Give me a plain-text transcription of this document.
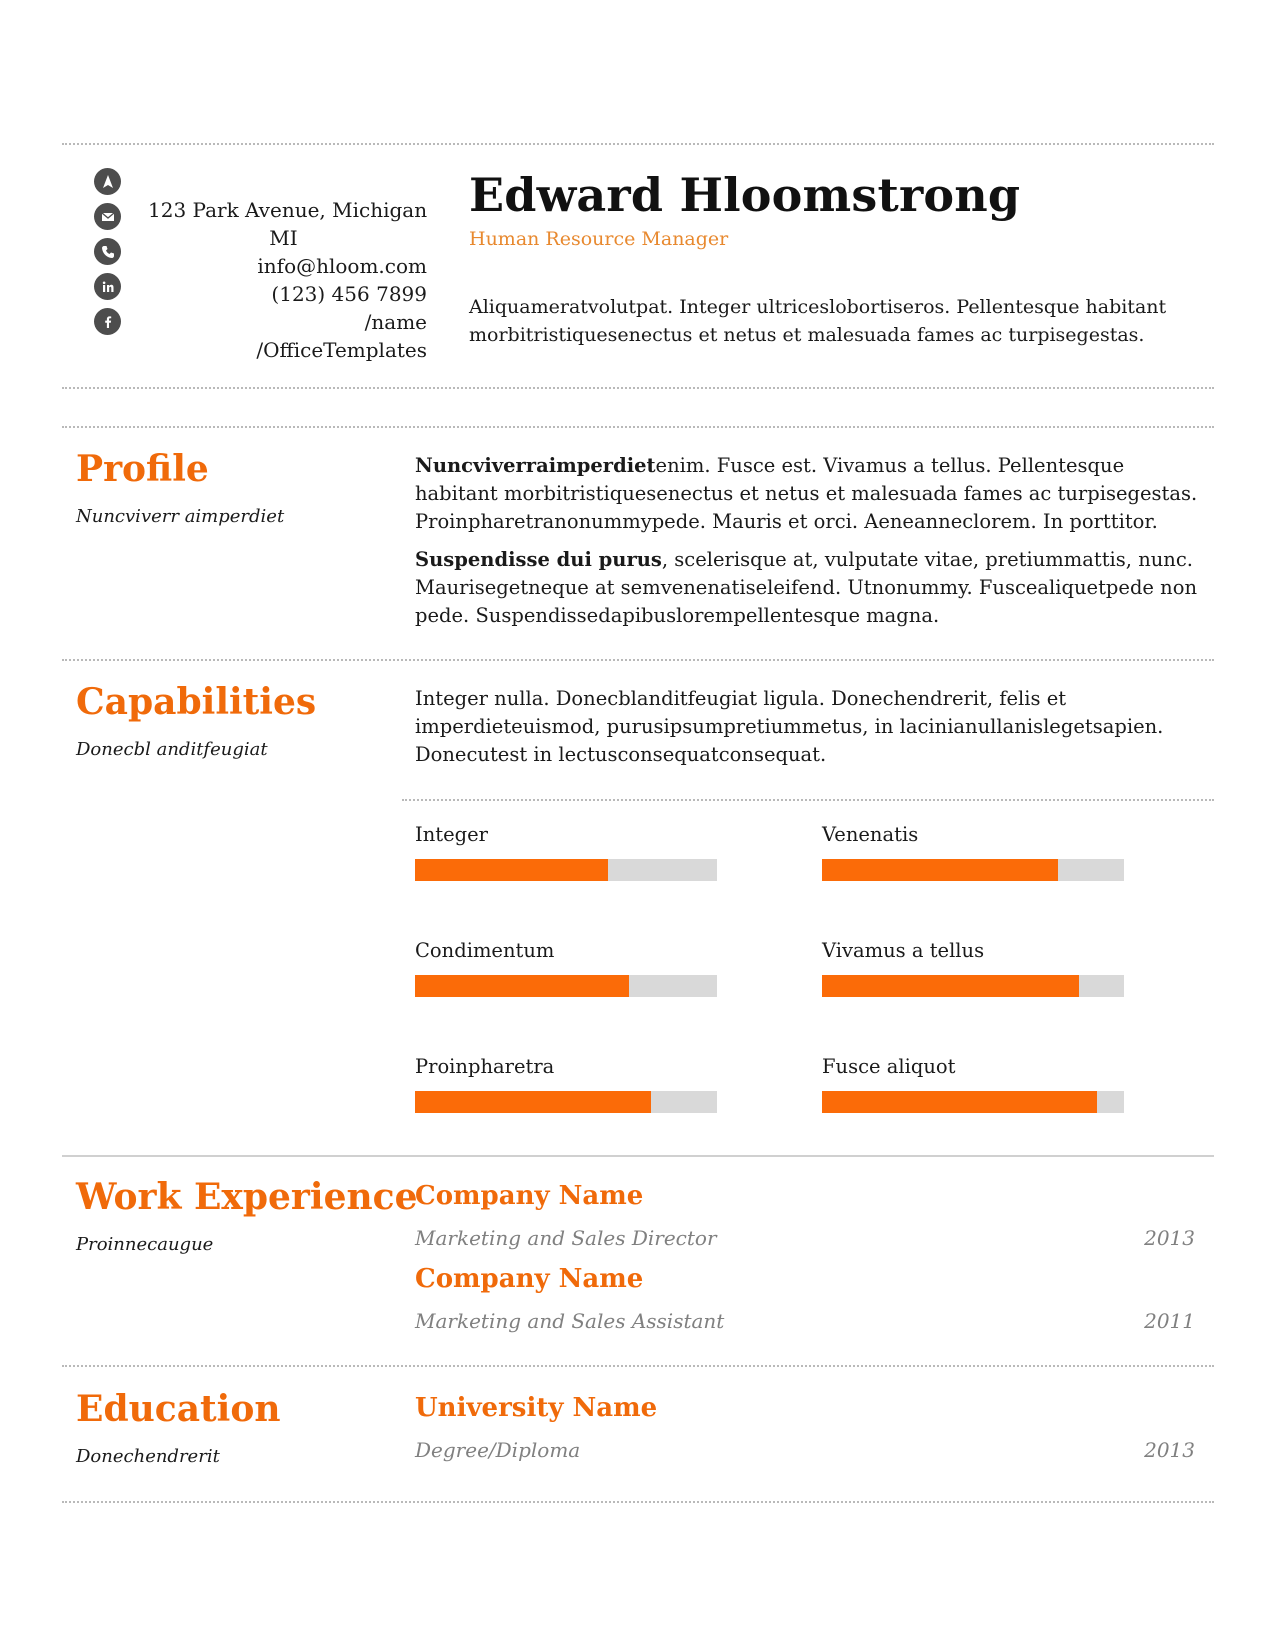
123 Park Avenue, Michigan
MI
info@hloom.com
(123) 456 7899
/name
/OfficeTemplates
Edward Hloomstrong
Human Resource Manager
Aliquameratvolutpat. Integer ultriceslobortiseros. Pellentesque habitant morbitristiquesenectus et netus et malesuada fames ac turpisegestas.
Profile
Nuncviverr aimperdiet

Nuncviverraimperdietenim. Fusce est. Vivamus a tellus. Pellentesque habitant morbitristiquesenectus et netus et malesuada fames ac turpisegestas. Proinpharetranonummypede. Mauris et orci. Aeneanneclorem. In porttitor.

Suspendisse dui purus, scelerisque at, vulputate vitae, pretiummattis, nunc. Maurisegetneque at semvenenatiseleifend. Utnonummy. Fuscealiquetpede non pede. Suspendissedapibuslorempellentesque magna.

Capabilities
Donecbl anditfeugiat
Integer nulla. Donecblanditfeugiat ligula. Donechendrerit, felis et imperdieteuismod, purusipsumpretiummetus, in lacinianullanislegetsapien. Donecutest in lectusconsequatconsequat.
Integer	Venenatis
Condimentum	Vivamus a tellus
Proinpharetra	Fusce aliquot
Work Experience
Proinnecaugue
Company Name
Marketing and Sales Director	2013
Company Name
Marketing and Sales Assistant	2011
Education
Donechendrerit
University Name
Degree/Diploma	2013
